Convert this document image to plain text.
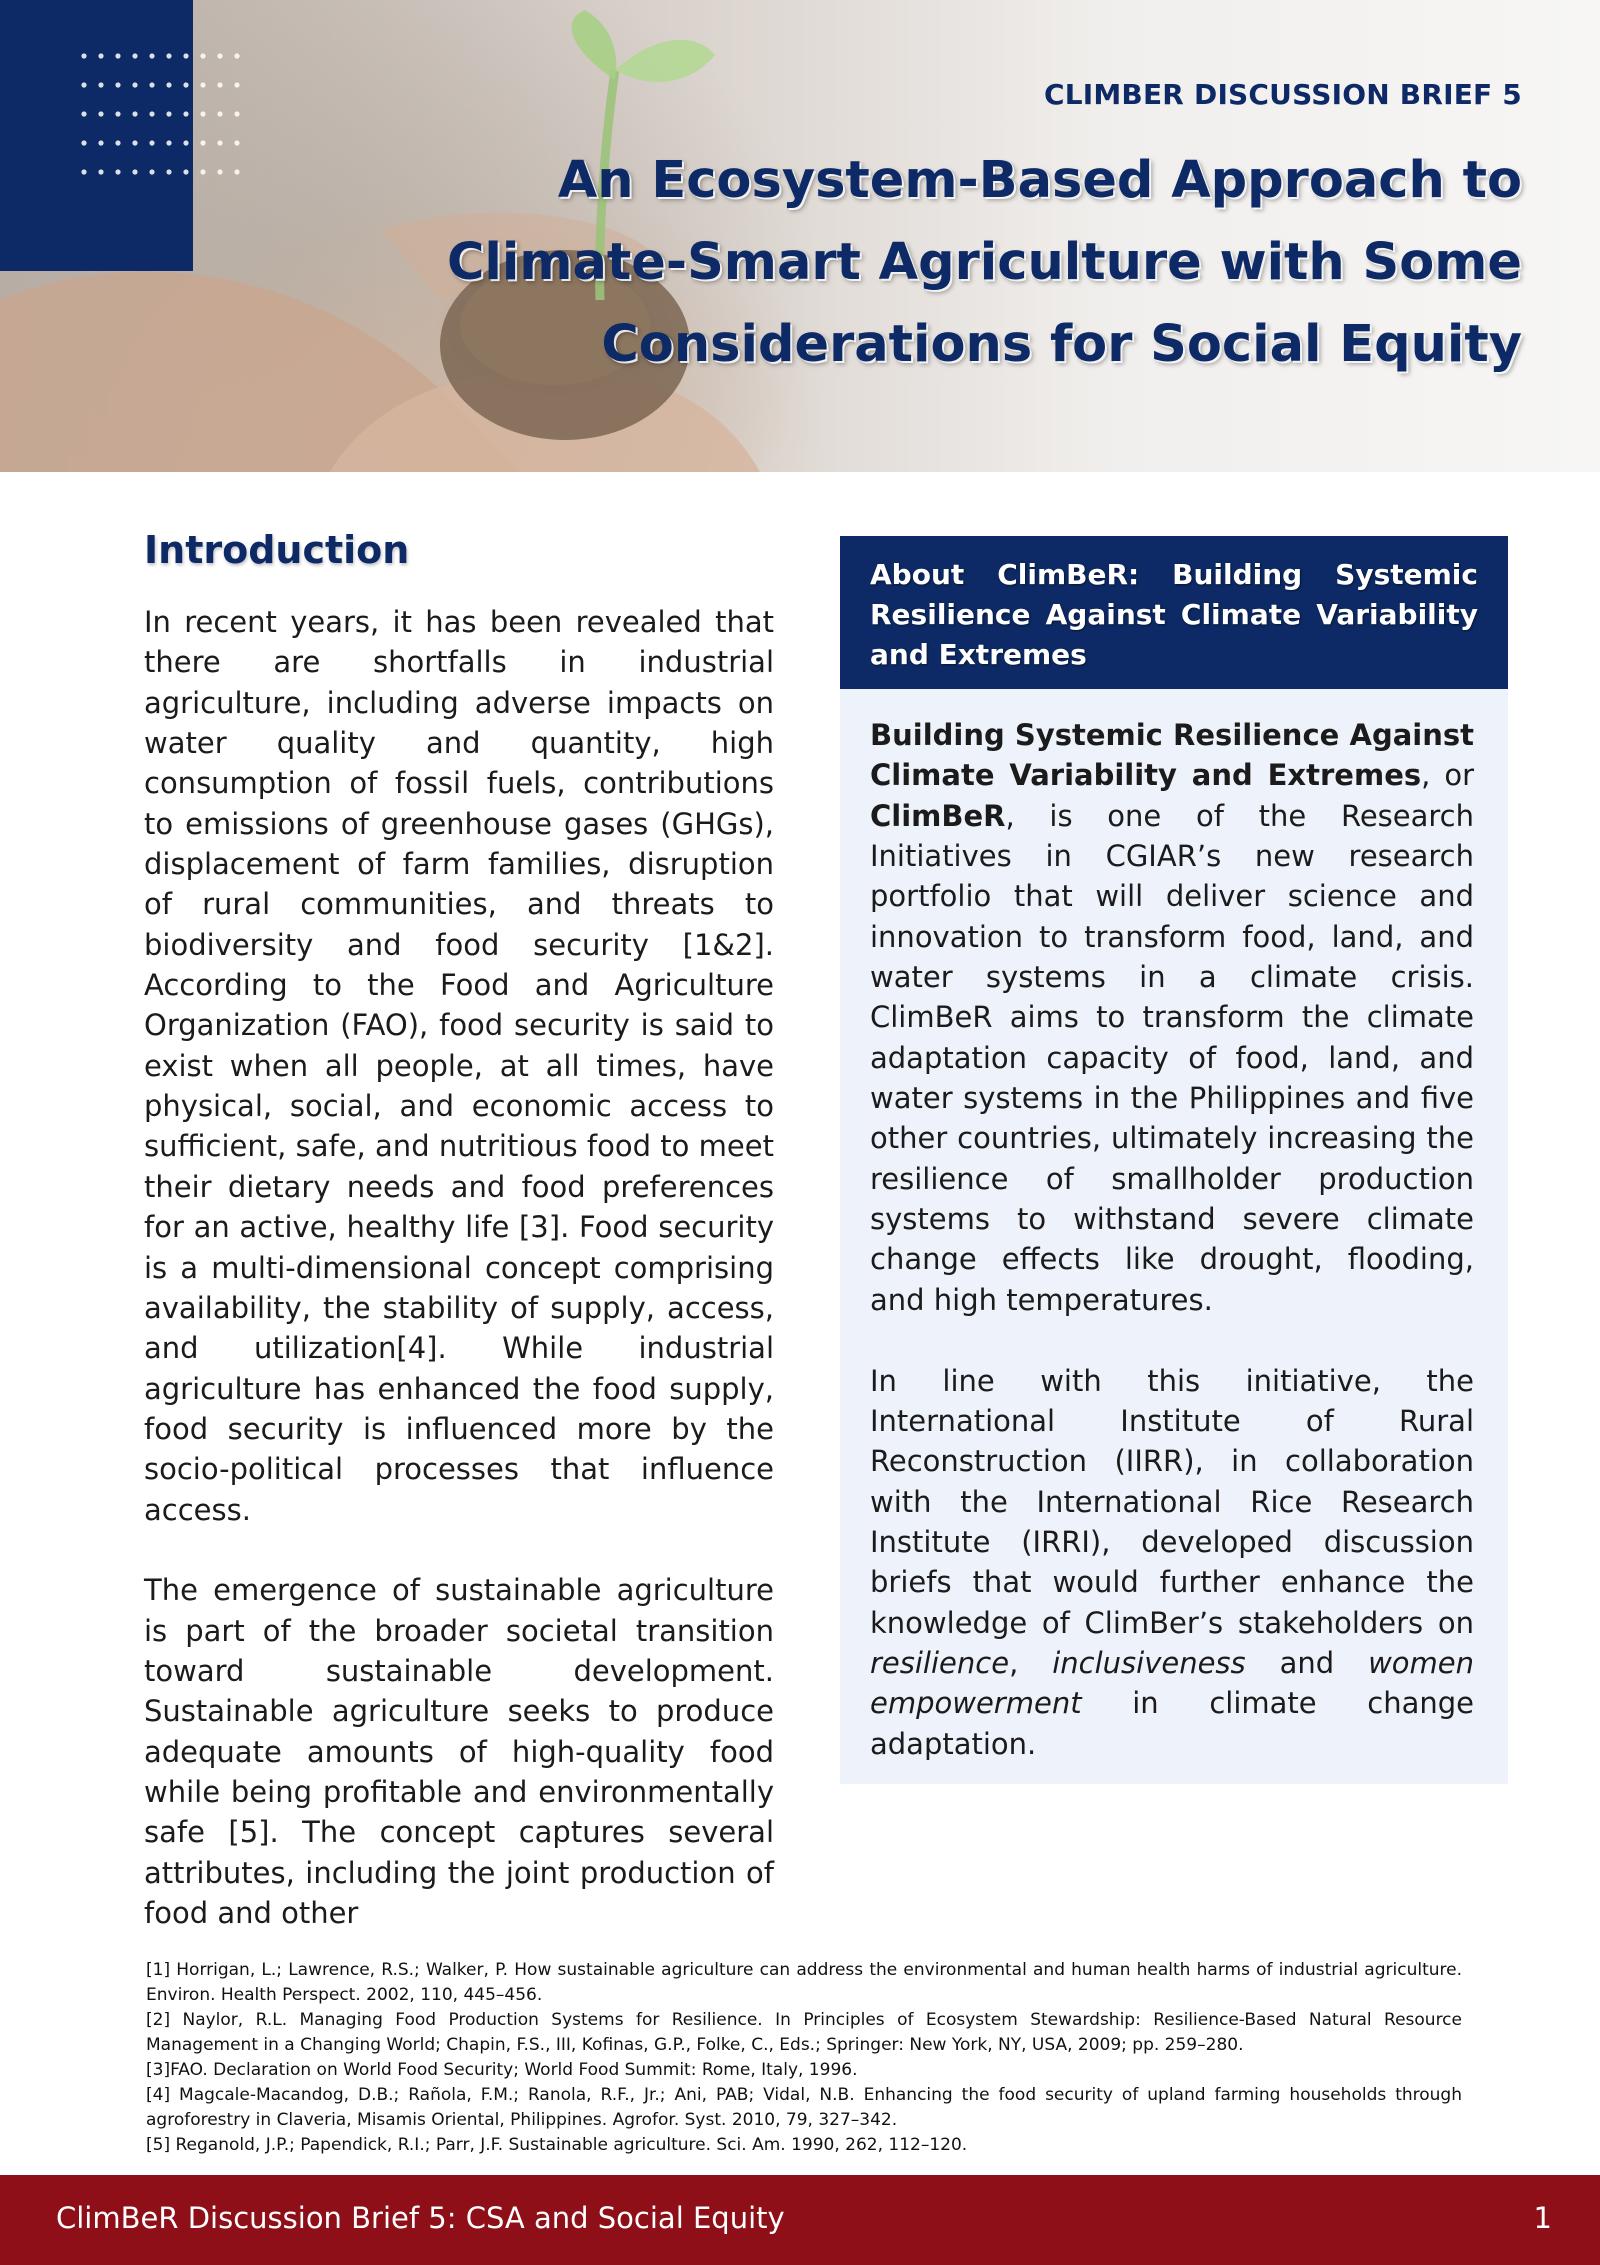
CLIMBER DISCUSSION BRIEF 5
An Ecosystem-Based Approach to Climate-Smart Agriculture with Some Considerations for Social Equity
Introduction

In recent years, it has been revealed that there are shortfalls in industrial agriculture, including adverse impacts on water quality and quantity, high consumption of fossil fuels, contributions to emissions of greenhouse gases (GHGs), displacement of farm families, disruption of rural communities, and threats to biodiversity and food security [1&2]. According to the Food and Agriculture Organization (FAO), food security is said to exist when all people, at all times, have physical, social, and economic access to sufficient, safe, and nutritious food to meet their dietary needs and food preferences for an active, healthy life [3]. Food security is a multi-dimensional concept comprising availability, the stability of supply, access, and utilization[4]. While industrial agriculture has enhanced the food supply, food security is influenced more by the socio-political processes that influence access.

The emergence of sustainable agriculture is part of the broader societal transition toward sustainable development. Sustainable agriculture seeks to produce adequate amounts of high-quality food while being profitable and environmentally safe [5]. The concept captures several attributes, including the joint production of food and other

About ClimBeR: Building Systemic Resilience Against Climate Variability and Extremes

Building Systemic Resilience Against Climate Variability and Extremes, or ClimBeR, is one of the Research Initiatives in CGIAR’s new research portfolio that will deliver science and innovation to transform food, land, and water systems in a climate crisis. ClimBeR aims to transform the climate adaptation capacity of food, land, and water systems in the Philippines and five other countries, ultimately increasing the resilience of smallholder production systems to withstand severe climate change effects like drought, flooding, and high temperatures.

In line with this initiative, the International Institute of Rural Reconstruction (IIRR), in collaboration with the International Rice Research Institute (IRRI), developed discussion briefs that would further enhance the knowledge of ClimBer’s stakeholders on resilience, inclusiveness and women empowerment in climate change adaptation.

[1] Horrigan, L.; Lawrence, R.S.; Walker, P. How sustainable agriculture can address the environmental and human health harms of industrial agriculture. Environ. Health Perspect. 2002, 110, 445–456.
[2] Naylor, R.L. Managing Food Production Systems for Resilience. In Principles of Ecosystem Stewardship: Resilience-Based Natural Resource Management in a Changing World; Chapin, F.S., III, Kofinas, G.P., Folke, C., Eds.; Springer: New York, NY, USA, 2009; pp. 259–280.
[3]FAO. Declaration on World Food Security; World Food Summit: Rome, Italy, 1996.
[4] Magcale-Macandog, D.B.; Rañola, F.M.; Ranola, R.F., Jr.; Ani, PAB; Vidal, N.B. Enhancing the food security of upland farming households through agroforestry in Claveria, Misamis Oriental, Philippines. Agrofor. Syst. 2010, 79, 327–342.
[5] Reganold, J.P.; Papendick, R.I.; Parr, J.F. Sustainable agriculture. Sci. Am. 1990, 262, 112–120.
ClimBeR Discussion Brief 5: CSA and Social Equity	1
